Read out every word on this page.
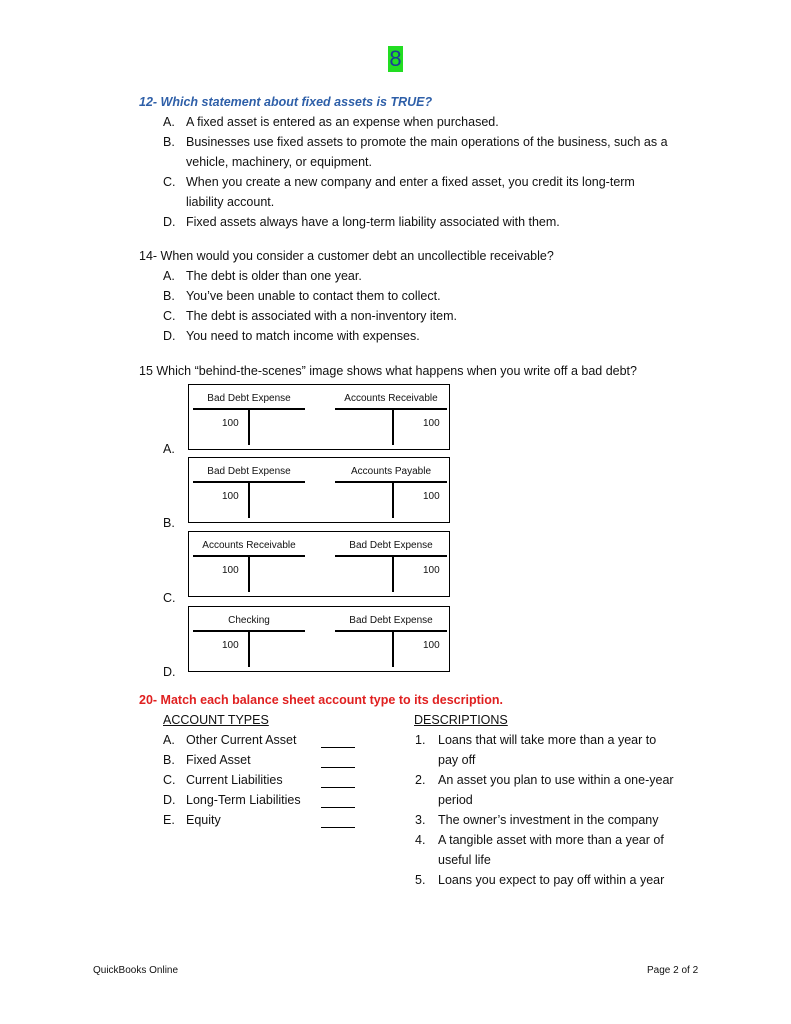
8
12- Which statement about fixed assets is TRUE?
A. A fixed asset is entered as an expense when purchased.
B. Businesses use fixed assets to promote the main operations of the business, such as a
vehicle, machinery, or equipment.
C. When you create a new company and enter a fixed asset, you credit its long-term
liability account.
D. Fixed assets always have a long-term liability associated with them.
14- When would you consider a customer debt an uncollectible receivable?
A. The debt is older than one year.
B. You’ve been unable to contact them to collect.
C. The debt is associated with a non-inventory item.
D. You need to match income with expenses.
15 Which “behind-the-scenes” image shows what happens when you write off a bad debt?
Bad Debt Expense	Accounts Receivable
100	100
A.
Bad Debt Expense	Accounts Payable
100	100
B.
Accounts Receivable	Bad Debt Expense
100	100
C.
Checking	Bad Debt Expense
100	100
D.
20- Match each balance sheet account type to its description.
ACCOUNT TYPES	DESCRIPTIONS
A. Other Current Asset
B. Fixed Asset
C. Current Liabilities
D. Long-Term Liabilities
E. Equity
1.	Loans that will take more than a year to
pay off
2.	An asset you plan to use within a one-year
period
3.	The owner’s investment in the company
4.	A tangible asset with more than a year of
useful life
5.	Loans you expect to pay off within a year
QuickBooks Online	Page 2 of 2
